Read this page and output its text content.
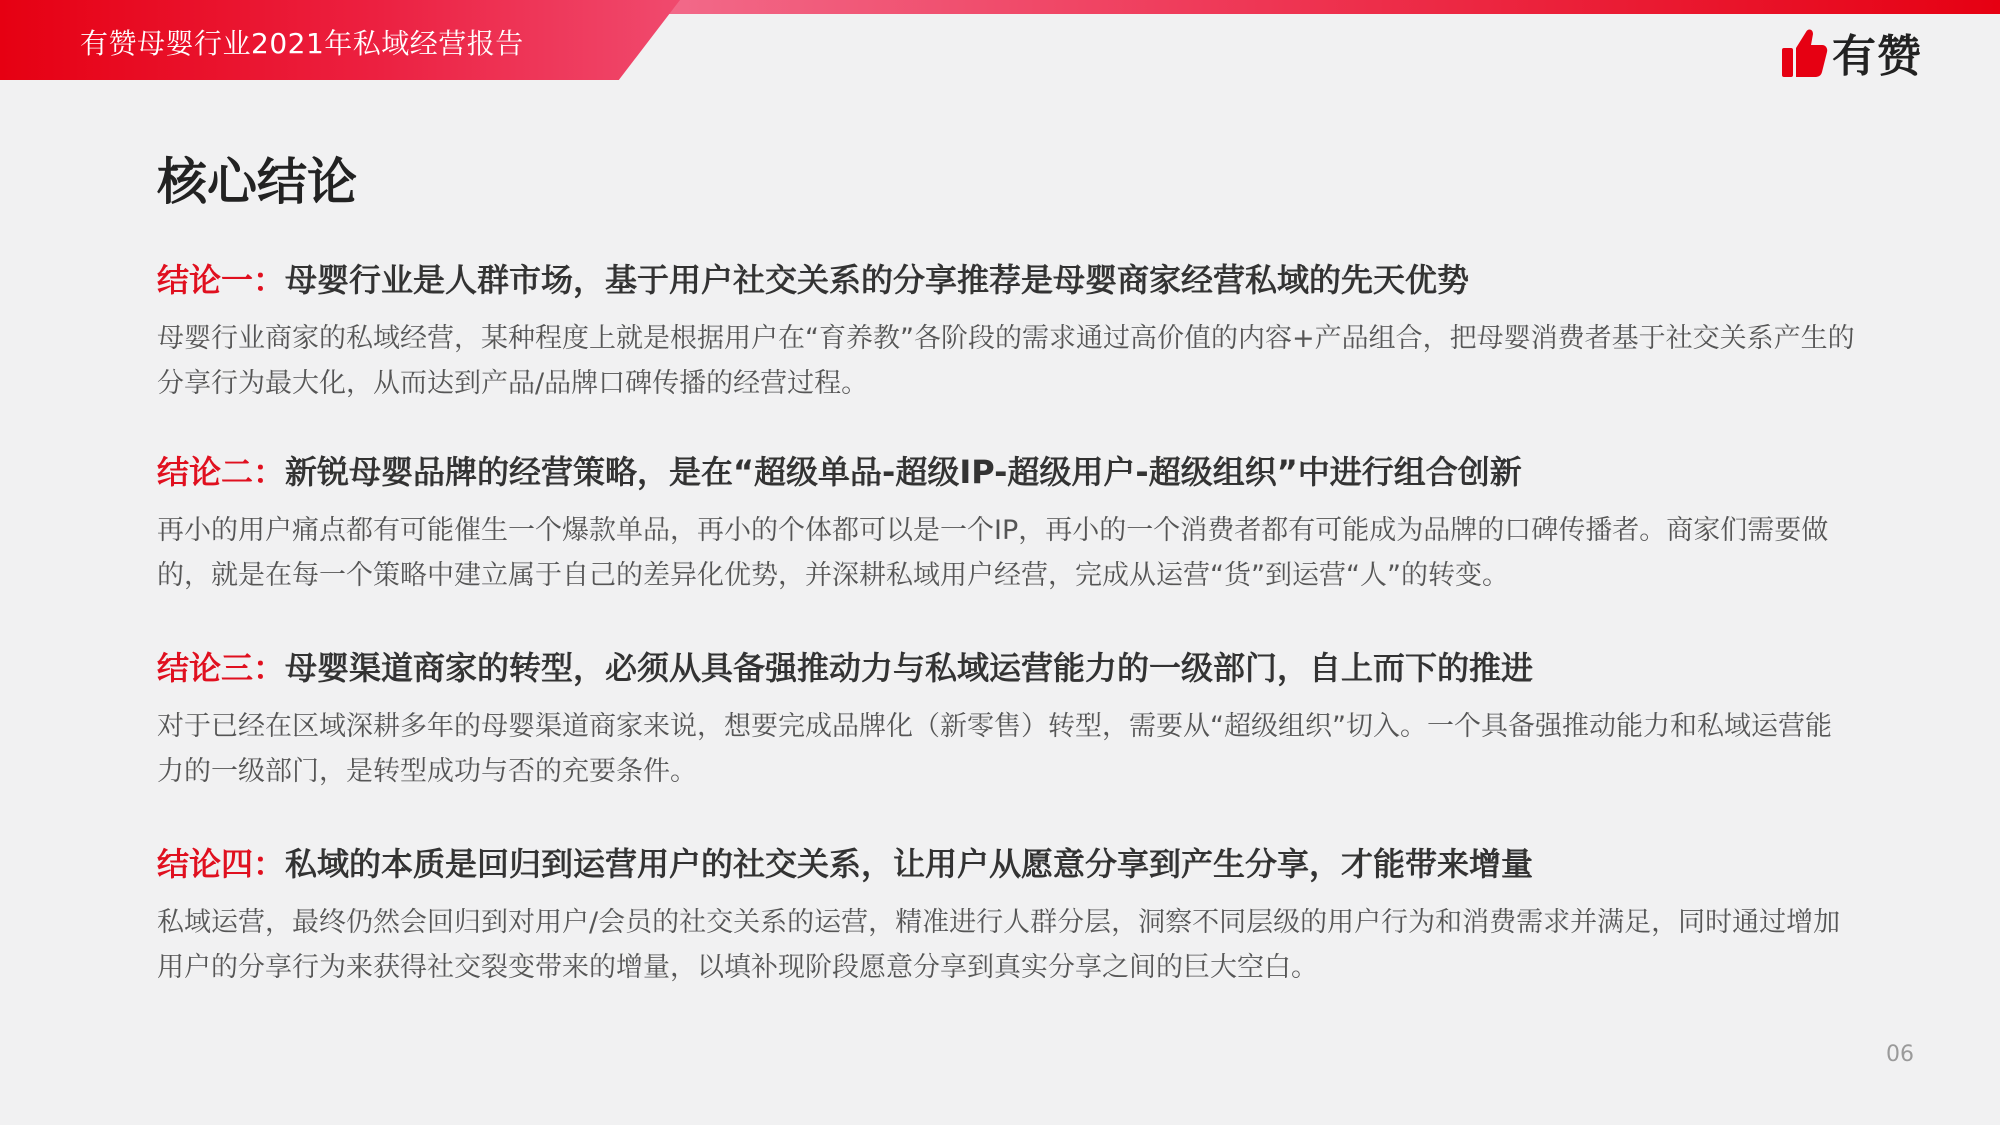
有赞母婴行业2021年私域经营报告	有赞
核心结论
结论一：母婴行业是人群市场，基于用户社交关系的分享推荐是母婴商家经营私域的先天优势
母婴行业商家的私域经营，某种程度上就是根据用户在“育养教”各阶段的需求通过高价值的内容+产品组合，把母婴消费者基于社交关系产生的分享行为最大化，从而达到产品/品牌口碑传播的经营过程。
结论二：新锐母婴品牌的经营策略，是在“超级单品-超级IP-超级用户-超级组织”中进行组合创新
再小的用户痛点都有可能催生一个爆款单品，再小的个体都可以是一个IP，再小的一个消费者都有可能成为品牌的口碑传播者。商家们需要做的，就是在每一个策略中建立属于自己的差异化优势，并深耕私域用户经营，完成从运营“货”到运营“人”的转变。
结论三：母婴渠道商家的转型，必须从具备强推动力与私域运营能力的一级部门，自上而下的推进
对于已经在区域深耕多年的母婴渠道商家来说，想要完成品牌化（新零售）转型，需要从“超级组织”切入。一个具备强推动能力和私域运营能力的一级部门，是转型成功与否的充要条件。
结论四：私域的本质是回归到运营用户的社交关系，让用户从愿意分享到产生分享，才能带来增量
私域运营，最终仍然会回归到对用户/会员的社交关系的运营，精准进行人群分层，洞察不同层级的用户行为和消费需求并满足，同时通过增加用户的分享行为来获得社交裂变带来的增量，以填补现阶段愿意分享到真实分享之间的巨大空白。
06
